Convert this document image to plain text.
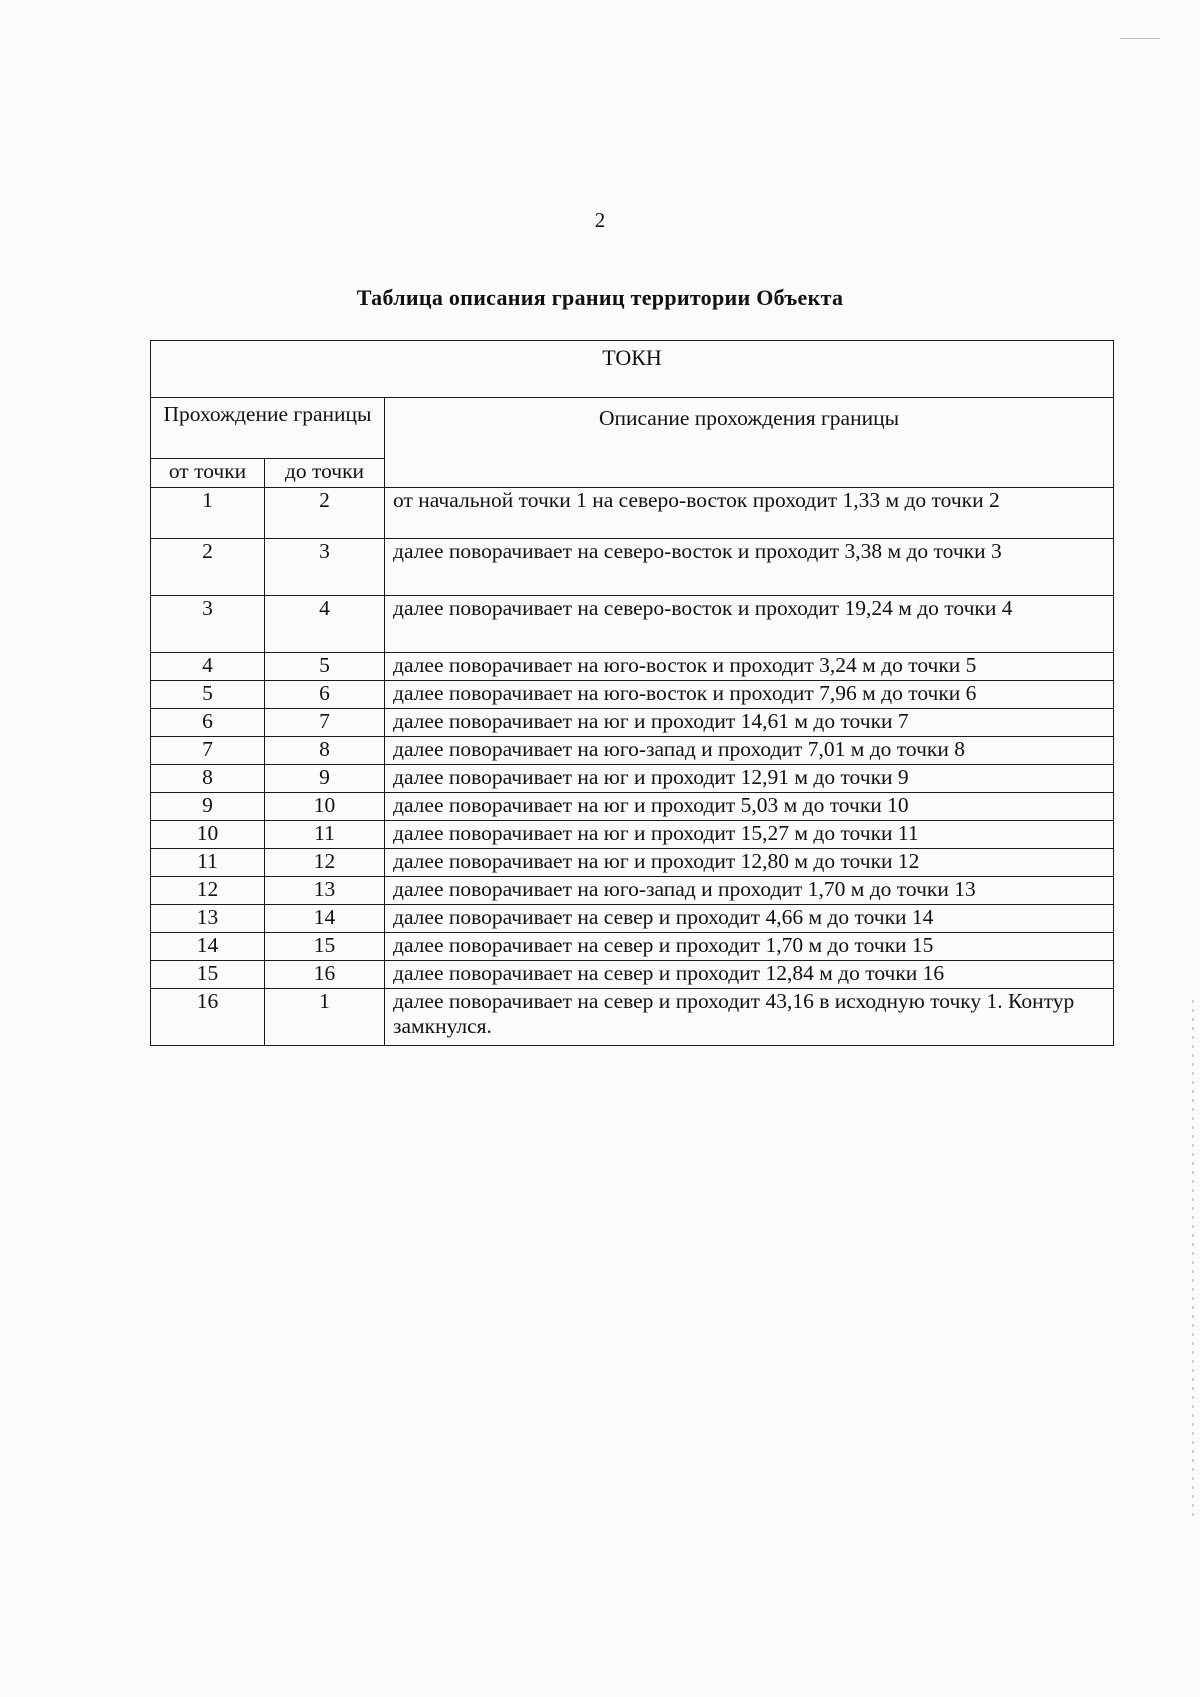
2
Таблица описания границ территории Объекта
ТОКН		
Прохождение границы		Описание прохождения границы
от точки	до точки	
1	2	от начальной точки 1 на северо-восток проходит 1,33 м до точки 2
2	3	далее поворачивает на северо-восток и проходит 3,38 м до точки 3
3	4	далее поворачивает на северо-восток и проходит 19,24 м до точки 4
4	5	далее поворачивает на юго-восток и проходит 3,24 м до точки 5
5	6	далее поворачивает на юго-восток и проходит 7,96 м до точки 6
6	7	далее поворачивает на юг и проходит 14,61 м до точки 7
7	8	далее поворачивает на юго-запад и проходит 7,01 м до точки 8
8	9	далее поворачивает на юг и проходит 12,91 м до точки 9
9	10	далее поворачивает на юг и проходит 5,03 м до точки 10
10	11	далее поворачивает на юг и проходит 15,27 м до точки 11
11	12	далее поворачивает на юг и проходит 12,80 м до точки 12
12	13	далее поворачивает на юго-запад и проходит 1,70 м до точки 13
13	14	далее поворачивает на север и проходит 4,66 м до точки 14
14	15	далее поворачивает на север и проходит 1,70 м до точки 15
15	16	далее поворачивает на север и проходит 12,84 м до точки 16
16	1	далее поворачивает на север и проходит 43,16 в исходную точку 1. Контур замкнулся.
